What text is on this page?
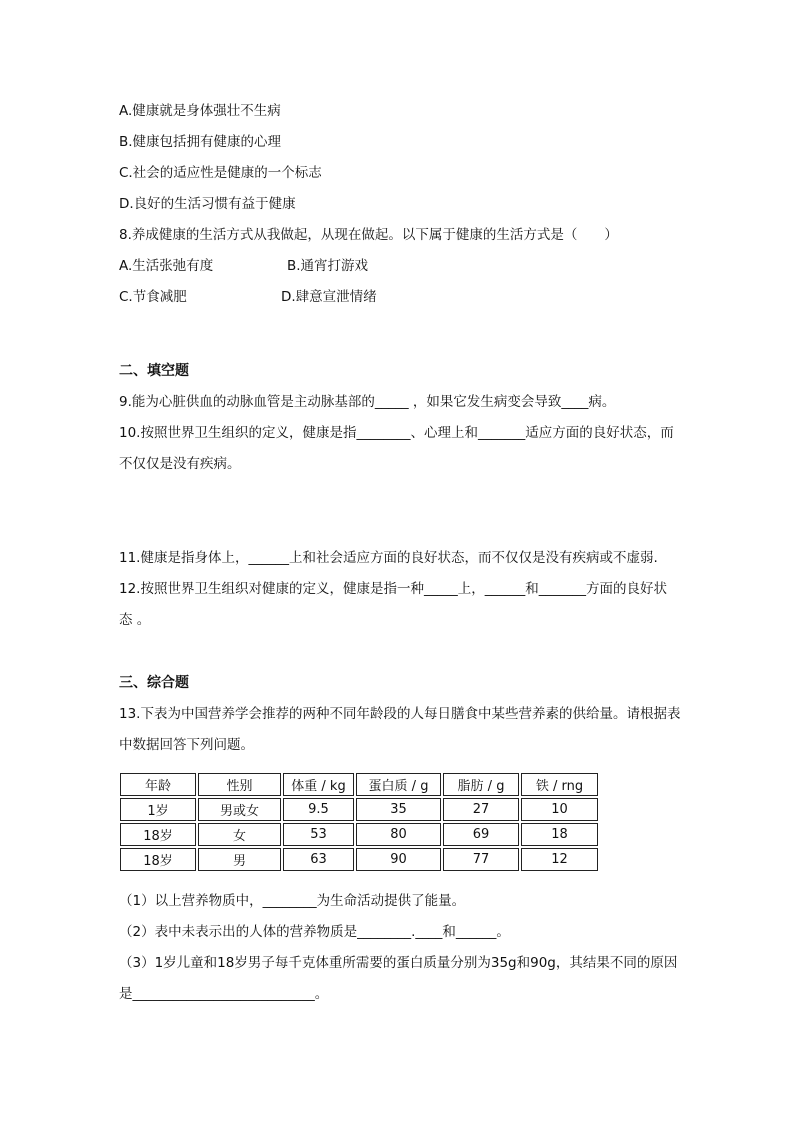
A.健康就是身体强壮不生病
B.健康包括拥有健康的心理
C.社会的适应性是健康的一个标志
D.良好的生活习惯有益于健康
8.养成健康的生活方式从我做起，从现在做起。以下属于健康的生活方式是（　　）
A.生活张弛有度	B.通宵打游戏
C.节食减肥	D.肆意宣泄情绪
二、填空题
9.能为心脏供血的动脉血管是主动脉基部的_____ ，如果它发生病变会导致____病。
10.按照世界卫生组织的定义，健康是指________、心理上和_______适应方面的良好状态，而
不仅仅是没有疾病。
11.健康是指身体上，______上和社会适应方面的良好状态，而不仅仅是没有疾病或不虚弱.
12.按照世界卫生组织对健康的定义，健康是指一种_____上，______和_______方面的良好状
态 。
三、综合题
13.下表为中国营养学会推荐的两种不同年龄段的人每日膳食中某些营养素的供给量。请根据表
中数据回答下列问题。
年龄	性别	体重 / kg	蛋白质 / g	脂肪 / g	铁 / rng
1岁	男或女	9.5	35	27	10
18岁	女	53	80	69	18
18岁	男	63	90	77	12
（1）以上营养物质中，________为生命活动提供了能量。
（2）表中未表示出的人体的营养物质是________.____和______。
（3）1岁儿童和18岁男子每千克体重所需要的蛋白质量分别为35g和90g，其结果不同的原因
是___________________________。
